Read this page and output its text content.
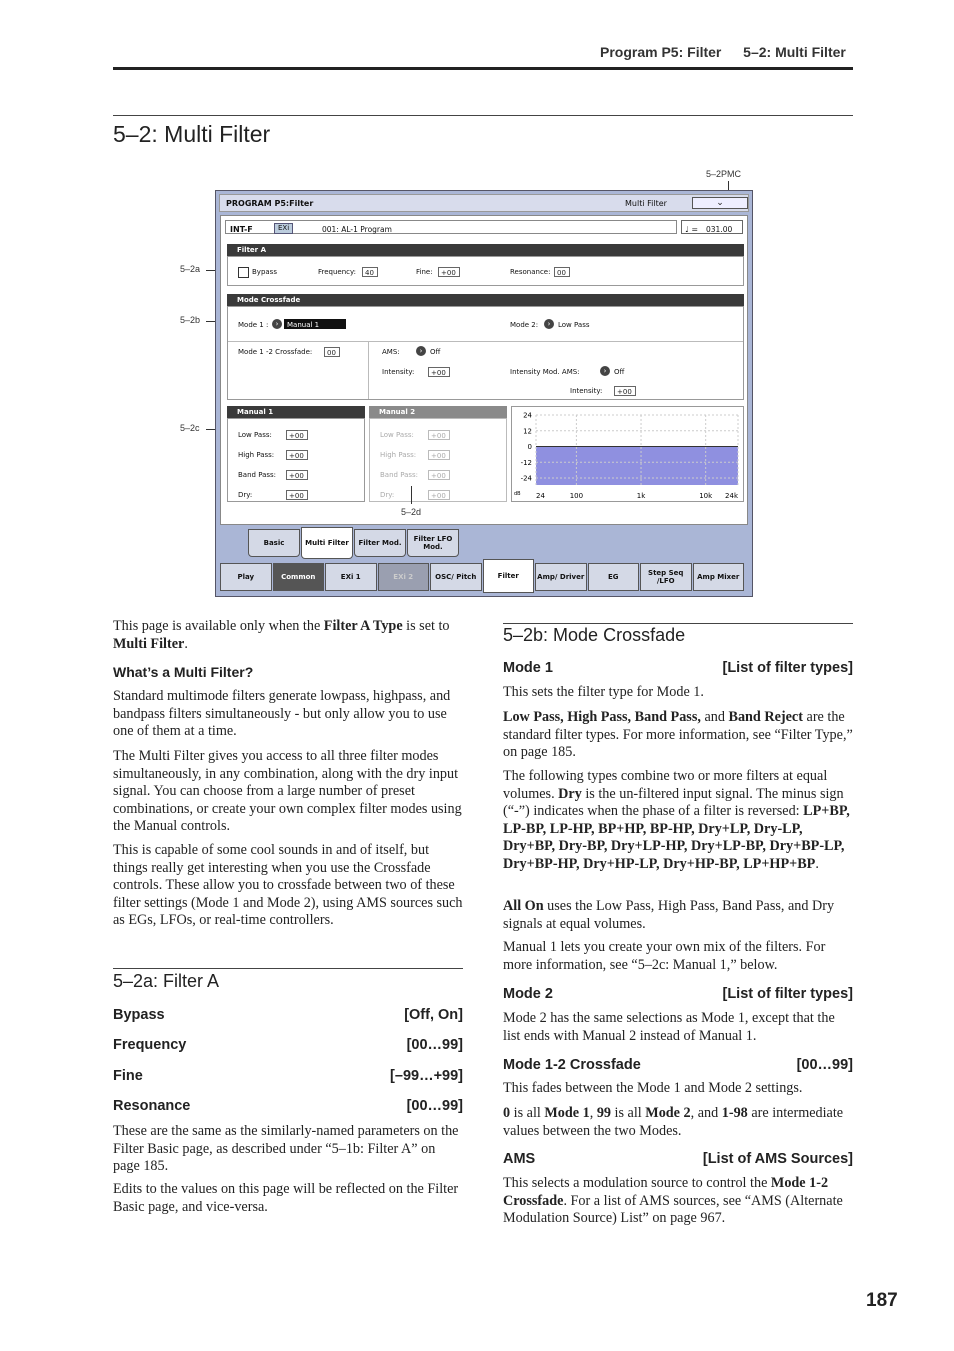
Program P5: Filter 5–2: Multi Filter
5–2: Multi Filter
5–2PMC
5–2a
5–2b
5–2c
PROGRAM P5:Filter	Multi Filter	⌄
INT-F	EXi	001: AL-1 Program	♩ = 031.00
Filter A
Bypass	Frequency:	40	Fine:	+00	Resonance: 00
Mode Crossfade
Mode 1 :	›	Manual 1	Mode 2:	›	Low Pass
Mode 1 -2 Crossfade:	00	AMS:	›	Off
Intensity:	+00	Intensity Mod. AMS:	›	Off
Intensity:	+00
Manual 1
Low Pass:	+00
High Pass:	+00
Band Pass:	+00
Dry:	+00
Manual 2
Low Pass:	+00
High Pass:	+00
Band Pass:	+00
Dry:	+00
24
12
0
-12
-24
dB 24	100	1k	10k 24k
Basic	Multi Filter	Filter Mod.	Filter LFO Mod.
Play	Common	EXi 1	EXi 2	OSC/ Pitch	Filter	Amp/ Driver	EG	Step Seq /LFO	Amp Mixer
5–2d
This page is available only when the Filter A Type is set to Multi Filter.
What’s a Multi Filter?
Standard multimode filters generate lowpass, highpass, and bandpass filters simultaneously - but only allow you to use one of them at a time.
The Multi Filter gives you access to all three filter modes simultaneously, in any combination, along with the dry input signal. You can choose from a large number of preset combinations, or create your own complex filter modes using the Manual controls.
This is capable of some cool sounds in and of itself, but things really get interesting when you use the Crossfade controls. These allow you to crossfade between two of these filter settings (Mode 1 and Mode 2), using AMS sources such as EGs, LFOs, or real-time controllers.
5–2a: Filter A
Bypass	[Off, On]
Frequency	[00…99]
Fine	[–99…+99]
Resonance	[00…99]
These are the same as the similarly-named parameters on the Filter Basic page, as described under “5–1b: Filter A” on page 185.
Edits to the values on this page will be reflected on the Filter Basic page, and vice-versa.
5–2b: Mode Crossfade
Mode 1	[List of filter types]
This sets the filter type for Mode 1.
Low Pass, High Pass, Band Pass, and Band Reject are the standard filter types. For more information, see “Filter Type,” on page 185.
The following types combine two or more filters at equal volumes. Dry is the un-filtered input signal. The minus sign (“-”) indicates when the phase of a filter is reversed: LP+BP, LP-BP, LP-HP, BP+HP, BP-HP, Dry+LP, Dry-LP, Dry+BP, Dry-BP, Dry+LP-HP, Dry+LP-BP, Dry+BP-LP, Dry+BP-HP, Dry+HP-LP, Dry+HP-BP, LP+HP+BP.
All On uses the Low Pass, High Pass, Band Pass, and Dry signals at equal volumes.
Manual 1 lets you create your own mix of the filters. For more information, see “5–2c: Manual 1,” below.
Mode 2	[List of filter types]
Mode 2 has the same selections as Mode 1, except that the list ends with Manual 2 instead of Manual 1.
Mode 1-2 Crossfade	[00…99]
This fades between the Mode 1 and Mode 2 settings.
0 is all Mode 1, 99 is all Mode 2, and 1-98 are intermediate values between the two Modes.
AMS	[List of AMS Sources]
This selects a modulation source to control the Mode 1-2 Crossfade. For a list of AMS sources, see “AMS (Alternate Modulation Source) List” on page 967.
187
